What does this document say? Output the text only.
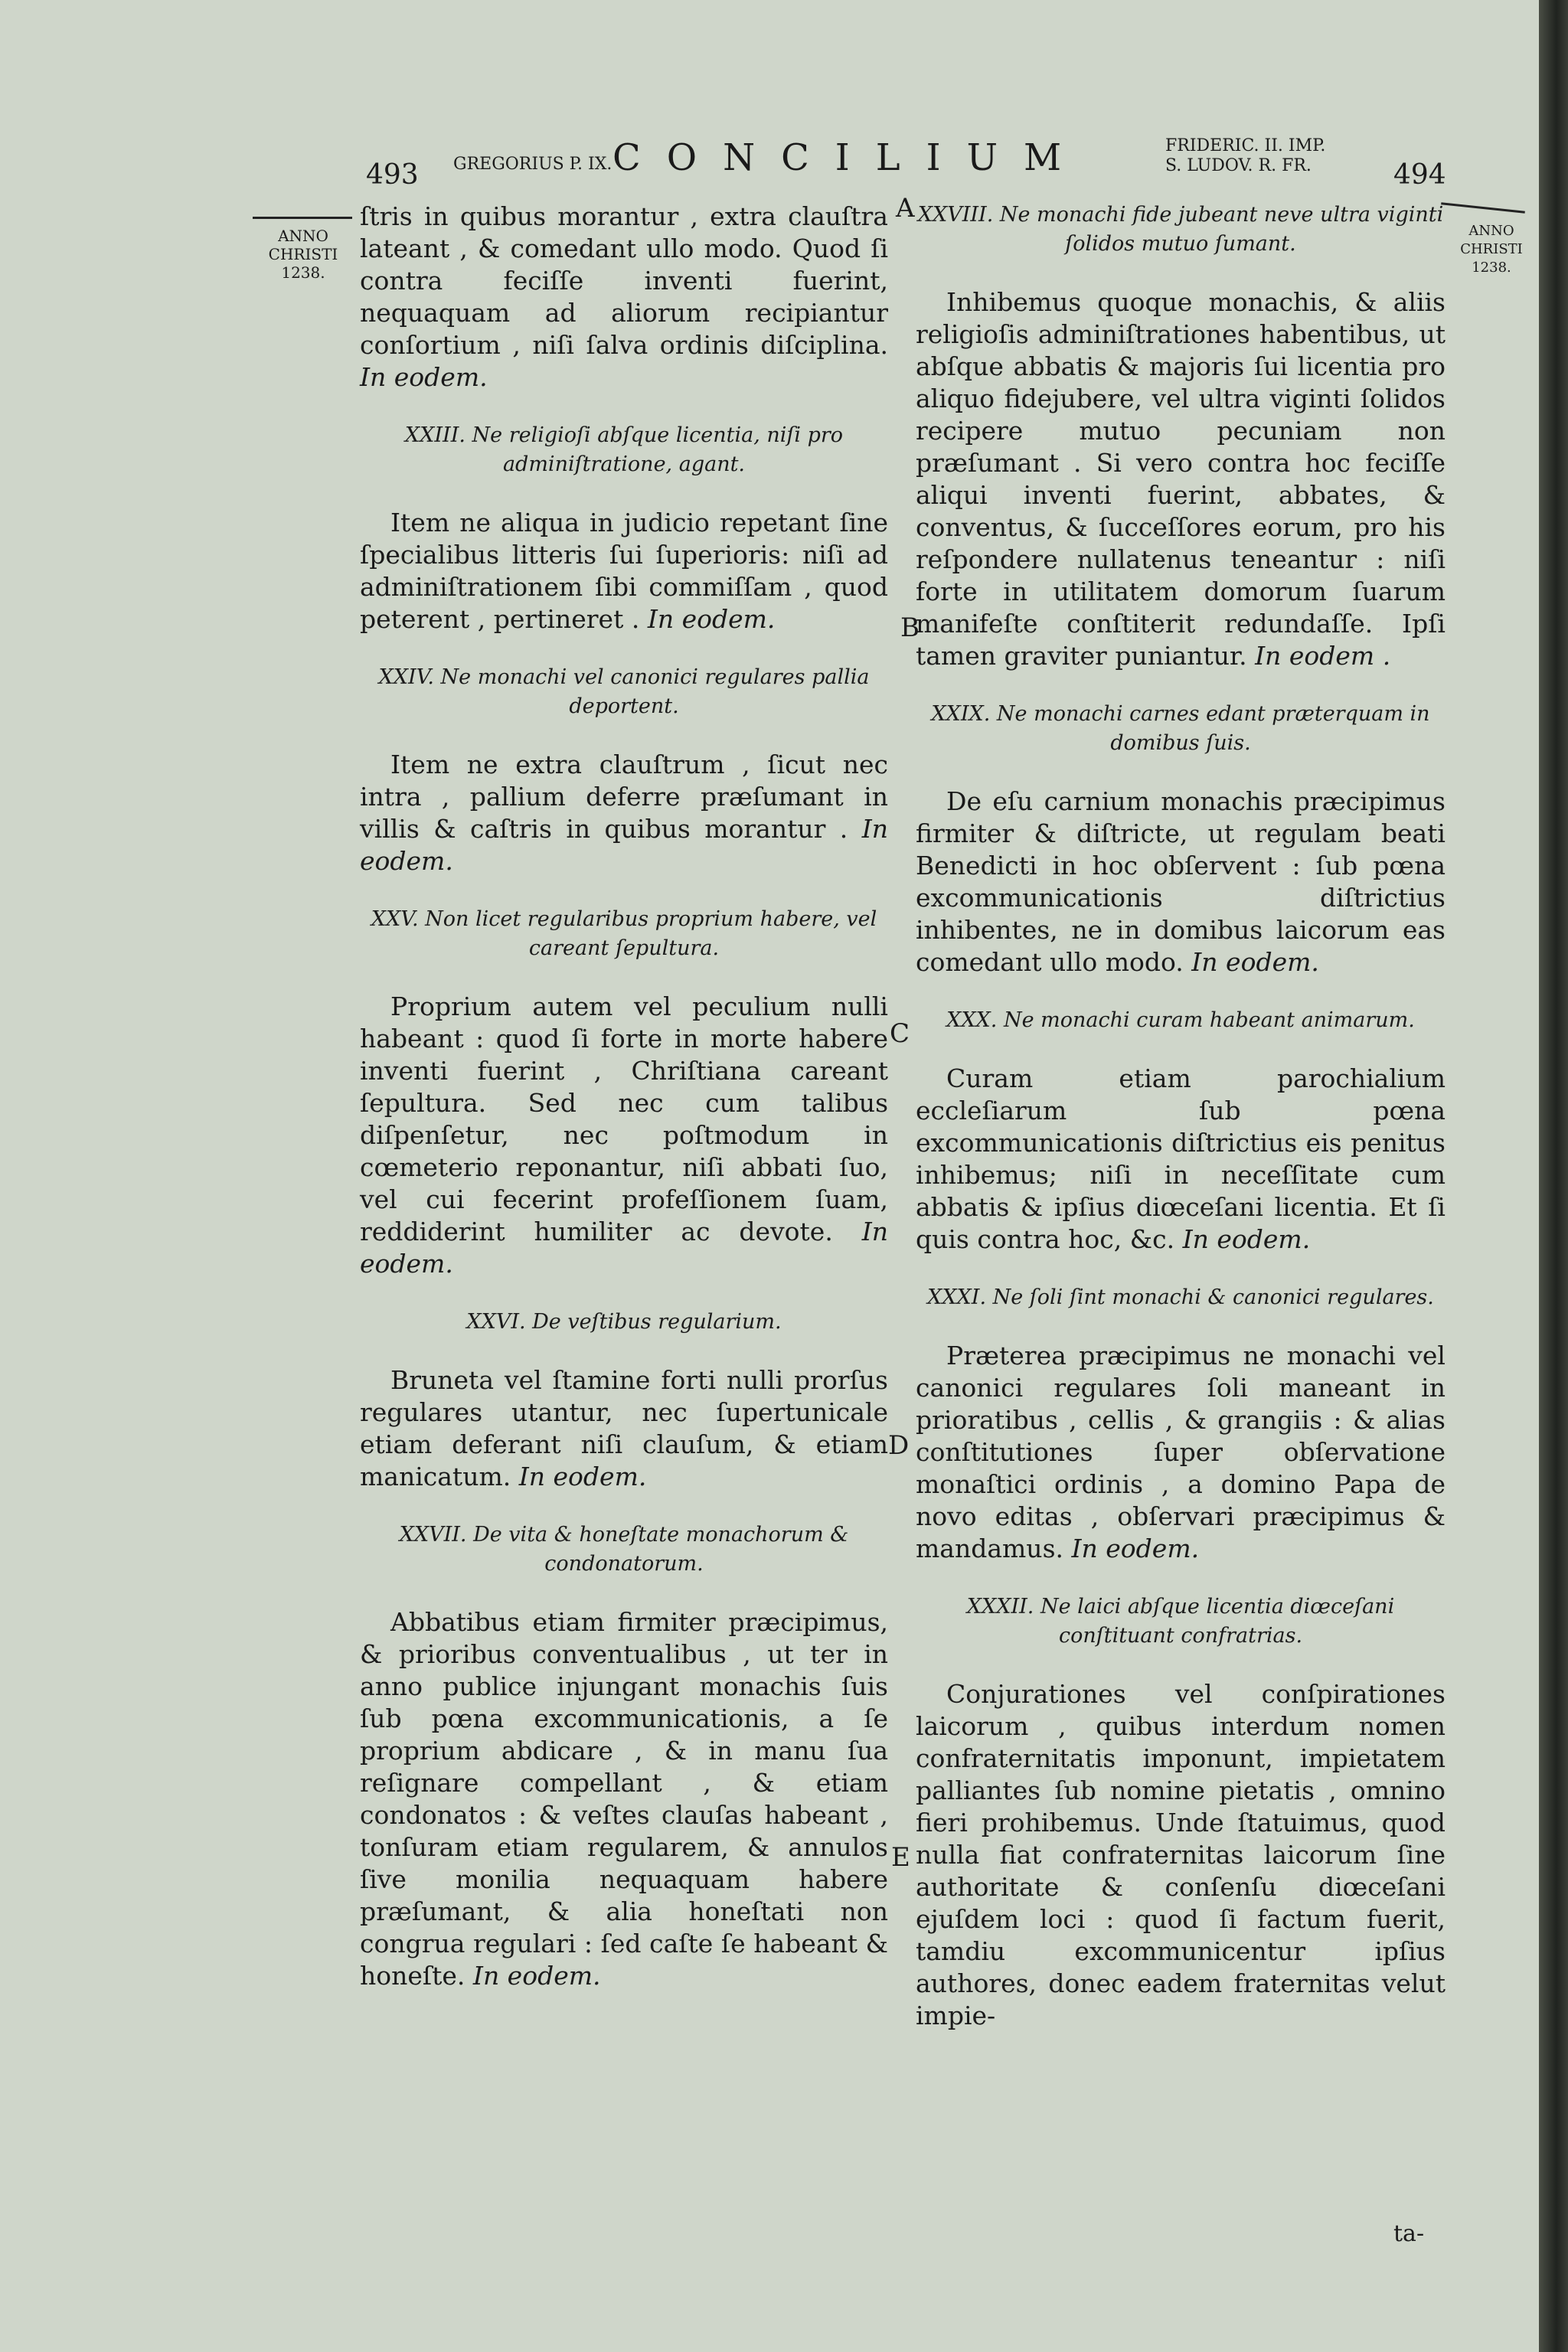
493 GREGORIUS P. IX. CONCILIUM	FRIDERIC. II. IMP.
S. LUDOV. R. FR.	494
ANNO CHRISTI 1238.
ANNO CHRISTI 1238.
A
B
C
D
E

ſtris in quibus morantur , extra clauſtra lateant , & comedant ullo modo. Quod ſi contra feciſſe inventi fuerint, nequaquam ad aliorum recipiantur conſortium , niſi ſalva ordinis diſciplina. In eodem.

XXIII. Ne religioſi abſque licentia, niſi pro adminiſtratione, agant.

Item ne aliqua in judicio repetant ſine ſpecialibus litteris ſui ſuperioris: niſi ad adminiſtrationem ſibi commiſſam , quod peterent , pertineret . In eodem.

XXIV. Ne monachi vel canonici regulares pallia deportent.

Item ne extra clauſtrum , ſicut nec intra , pallium deferre præſumant in villis & caſtris in quibus morantur . In eodem.

XXV. Non licet regularibus proprium habere, vel careant ſepultura.

Proprium autem vel peculium nulli habeant : quod ſi forte in morte habere inventi fuerint , Chriſtiana careant ſepultura. Sed nec cum talibus diſpenſetur, nec poſtmodum in cœmeterio reponantur, niſi abbati ſuo, vel cui fecerint profeſſionem ſuam, reddiderint humiliter ac devote. In eodem.

XXVI. De veſtibus regularium.

Bruneta vel ſtamine forti nulli prorſus regulares utantur, nec ſupertunicale etiam deferant niſi clauſum, & etiam manicatum. In eodem.

XXVII. De vita & honeſtate monachorum & condonatorum.

Abbatibus etiam firmiter præcipimus, & prioribus conventualibus , ut ter in anno publice injungant monachis ſuis ſub pœna excommunicationis, a ſe proprium abdicare , & in manu ſua reſignare compellant , & etiam condonatos : & veſtes clauſas habeant , tonſuram etiam regularem, & annulos ſive monilia nequaquam habere præſumant, & alia honeſtati non congrua regulari : ſed caſte ſe habeant & honeſte. In eodem.

XXVIII. Ne monachi fide jubeant neve ultra viginti ſolidos mutuo ſumant.

Inhibemus quoque monachis, & aliis religioſis adminiſtrationes habentibus, ut abſque abbatis & majoris ſui licentia pro aliquo fidejubere, vel ultra viginti ſolidos recipere mutuo pecuniam non præſumant . Si vero contra hoc feciſſe aliqui inventi fuerint, abbates, & conventus, & ſucceſſores eorum, pro his reſpondere nullatenus teneantur : niſi forte in utilitatem domorum ſuarum manifeſte conſtiterit redundaſſe. Ipſi tamen graviter puniantur. In eodem .

XXIX. Ne monachi carnes edant præterquam in domibus ſuis.

De eſu carnium monachis præcipimus firmiter & diſtricte, ut regulam beati Benedicti in hoc obſervent : ſub pœna excommunicationis diſtrictius inhibentes, ne in domibus laicorum eas comedant ullo modo. In eodem.

XXX. Ne monachi curam habeant animarum.

Curam etiam parochialium eccleſiarum ſub pœna excommunicationis diſtrictius eis penitus inhibemus; niſi in neceſſitate cum abbatis & ipſius diœceſani licentia. Et ſi quis contra hoc, &c. In eodem.

XXXI. Ne ſoli ſint monachi & canonici regulares.

Præterea præcipimus ne monachi vel canonici regulares ſoli maneant in prioratibus , cellis , & grangiis : & alias conſtitutiones ſuper obſervatione monaſtici ordinis , a domino Papa de novo editas , obſervari præcipimus & mandamus. In eodem.

XXXII. Ne laici abſque licentia diœceſani conſtituant confratrias.

Conjurationes vel conſpirationes laicorum , quibus interdum nomen confraternitatis imponunt, impietatem palliantes ſub nomine pietatis , omnino fieri prohibemus. Unde ſtatuimus, quod nulla fiat confraternitas laicorum ſine authoritate & conſenſu diœceſani ejuſdem loci : quod ſi factum fuerit, tamdiu excommunicentur ipſius authores, donec eadem fraternitas velut impie-

ta-
